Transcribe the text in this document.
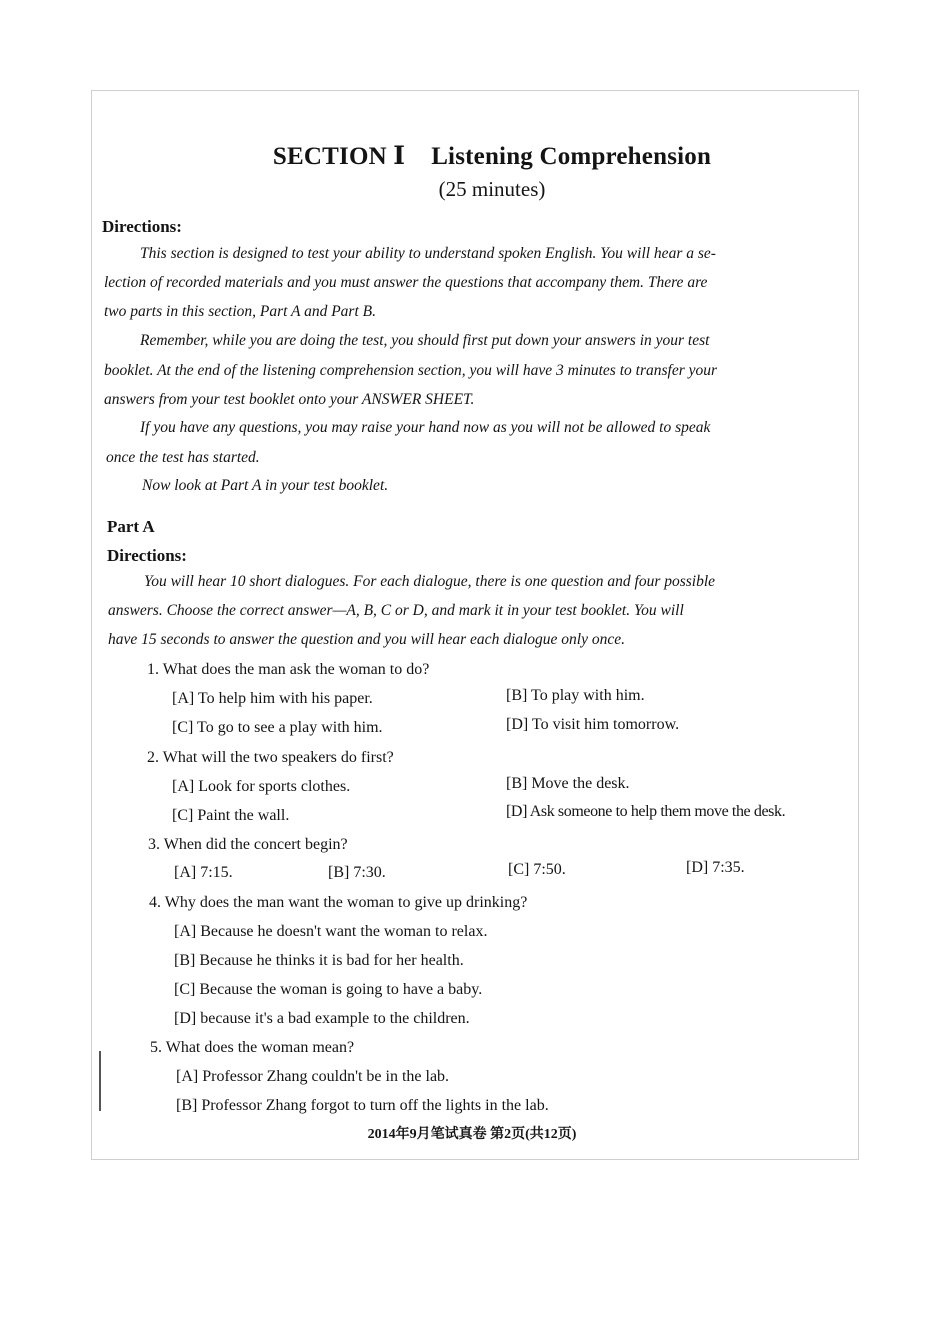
SECTION Ⅰ Listening Comprehension
(25 minutes)
Directions:
This section is designed to test your ability to understand spoken English. You will hear a se-
lection of recorded materials and you must answer the questions that accompany them. There are
two parts in this section, Part A and Part B.
Remember, while you are doing the test, you should first put down your answers in your test
booklet. At the end of the listening comprehension section, you will have 3 minutes to transfer your
answers from your test booklet onto your ANSWER SHEET.
If you have any questions, you may raise your hand now as you will not be allowed to speak
once the test has started.
Now look at Part A in your test booklet.
Part A
Directions:
You will hear 10 short dialogues. For each dialogue, there is one question and four possible
answers. Choose the correct answer—A, B, C or D, and mark it in your test booklet. You will
have 15 seconds to answer the question and you will hear each dialogue only once.
1. What does the man ask the woman to do?
[A] To help him with his paper.	[B] To play with him.
[C] To go to see a play with him.	[D] To visit him tomorrow.
2. What will the two speakers do first?
[A] Look for sports clothes.	[B] Move the desk.
[C] Paint the wall.	[D] Ask someone to help them move the desk.
3. When did the concert begin?
[A] 7:15.	[B] 7:30.	[C] 7:50.	[D] 7:35.
4. Why does the man want the woman to give up drinking?
[A] Because he doesn't want the woman to relax.
[B] Because he thinks it is bad for her health.
[C] Because the woman is going to have a baby.
[D] because it's a bad example to the children.
5. What does the woman mean?
[A] Professor Zhang couldn't be in the lab.
[B] Professor Zhang forgot to turn off the lights in the lab.
2014年9月笔试真卷 第2页(共12页)
